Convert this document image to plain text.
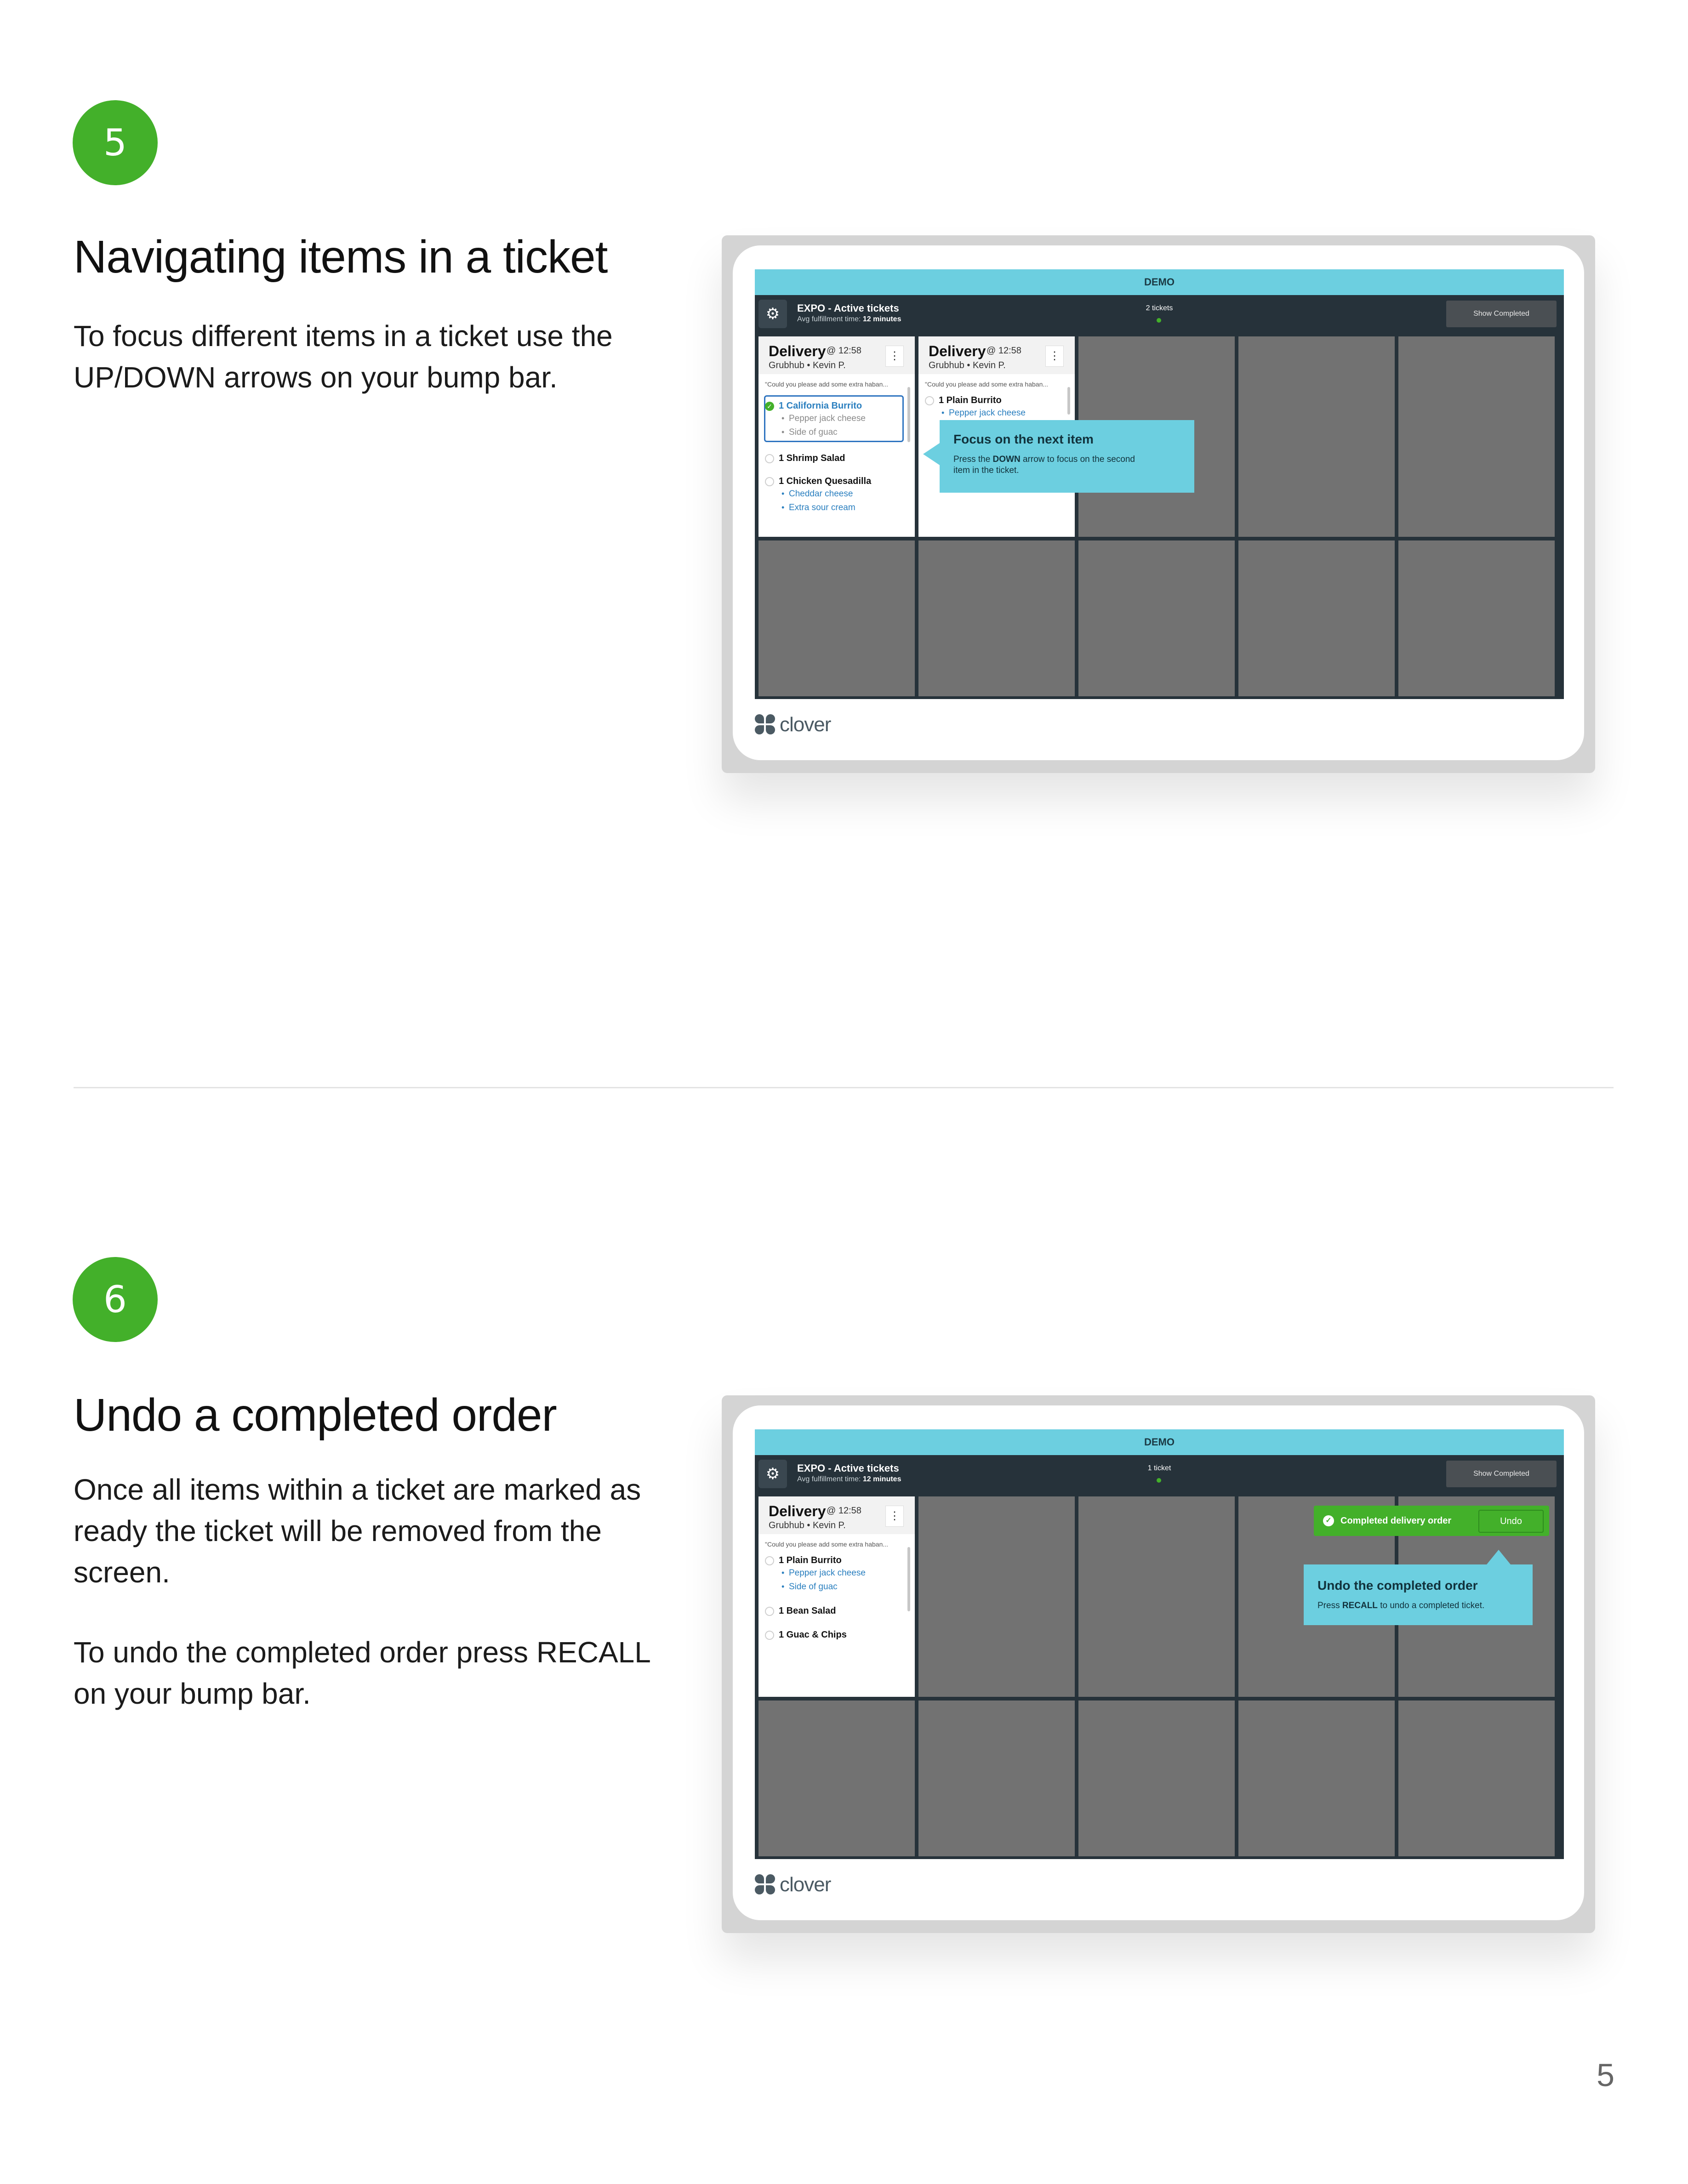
5
Navigating items in a ticket

To focus different items in a ticket use the UP/DOWN arrows on your bump bar.

DEMO
⚙	EXPO - Active tickets
Avg fulfillment time: 12 minutes
2 tickets
Show Completed
Delivery @ 12:58
Grubhub • Kevin P.
⋮
"Could you please add some extra haban...
✓ 1 California Burrito
• Pepper jack cheese
• Side of guac
1 Shrimp Salad
1 Chicken Quesadilla
• Cheddar cheese
• Extra sour cream
Delivery @ 12:58
Grubhub • Kevin P.
⋮
"Could you please add some extra haban...
1 Plain Burrito
• Pepper jack cheese
Focus on the next item
Press the DOWN arrow to focus on the second
item in the ticket.
clover
6
Undo a completed order

Once all items within a ticket are marked as ready the ticket will be removed from the screen.

To undo the completed order press RECALL on your bump bar.

DEMO
⚙	EXPO - Active tickets
Avg fulfillment time: 12 minutes
1 ticket
Show Completed
Delivery @ 12:58
Grubhub • Kevin P.
⋮
"Could you please add some extra haban...
1 Plain Burrito
• Pepper jack cheese
• Side of guac
1 Bean Salad
1 Guac & Chips
✓ Completed delivery order	Undo
Undo the completed order
Press RECALL to undo a completed ticket.
clover
5
